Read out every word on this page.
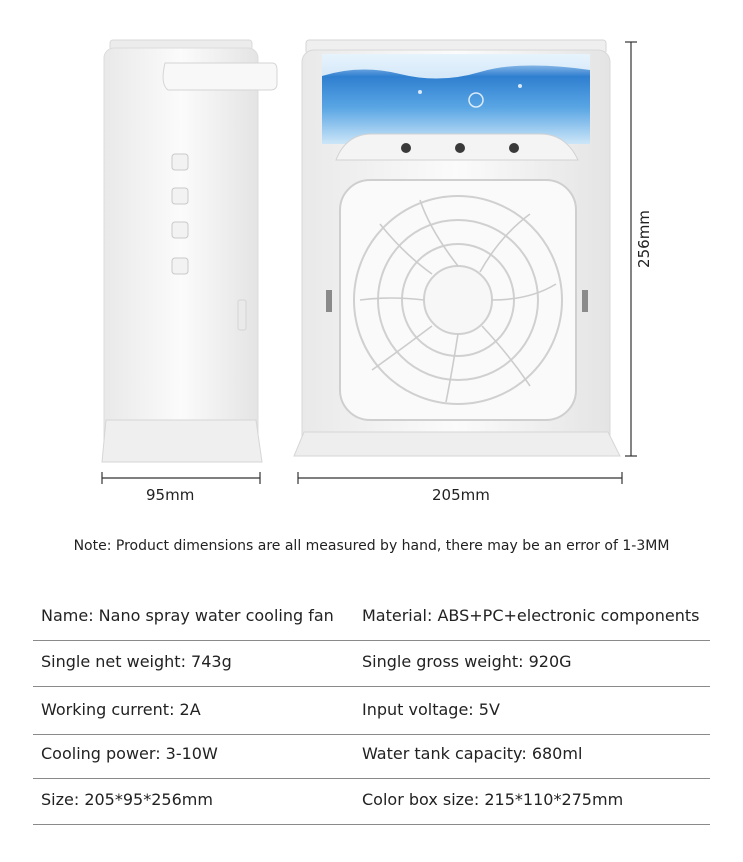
95mm	205mm
256mm
Note: Product dimensions are all measured by hand, there may be an error of 1-3MM
Name: Nano spray water cooling fan Material: ABS+PC+electronic components
Single net weight: 743g	Single gross weight: 920G
Working current: 2A	Input voltage: 5V
Cooling power: 3-10W	Water tank capacity: 680ml
Size: 205*95*256mm	Color box size: 215*110*275mm
